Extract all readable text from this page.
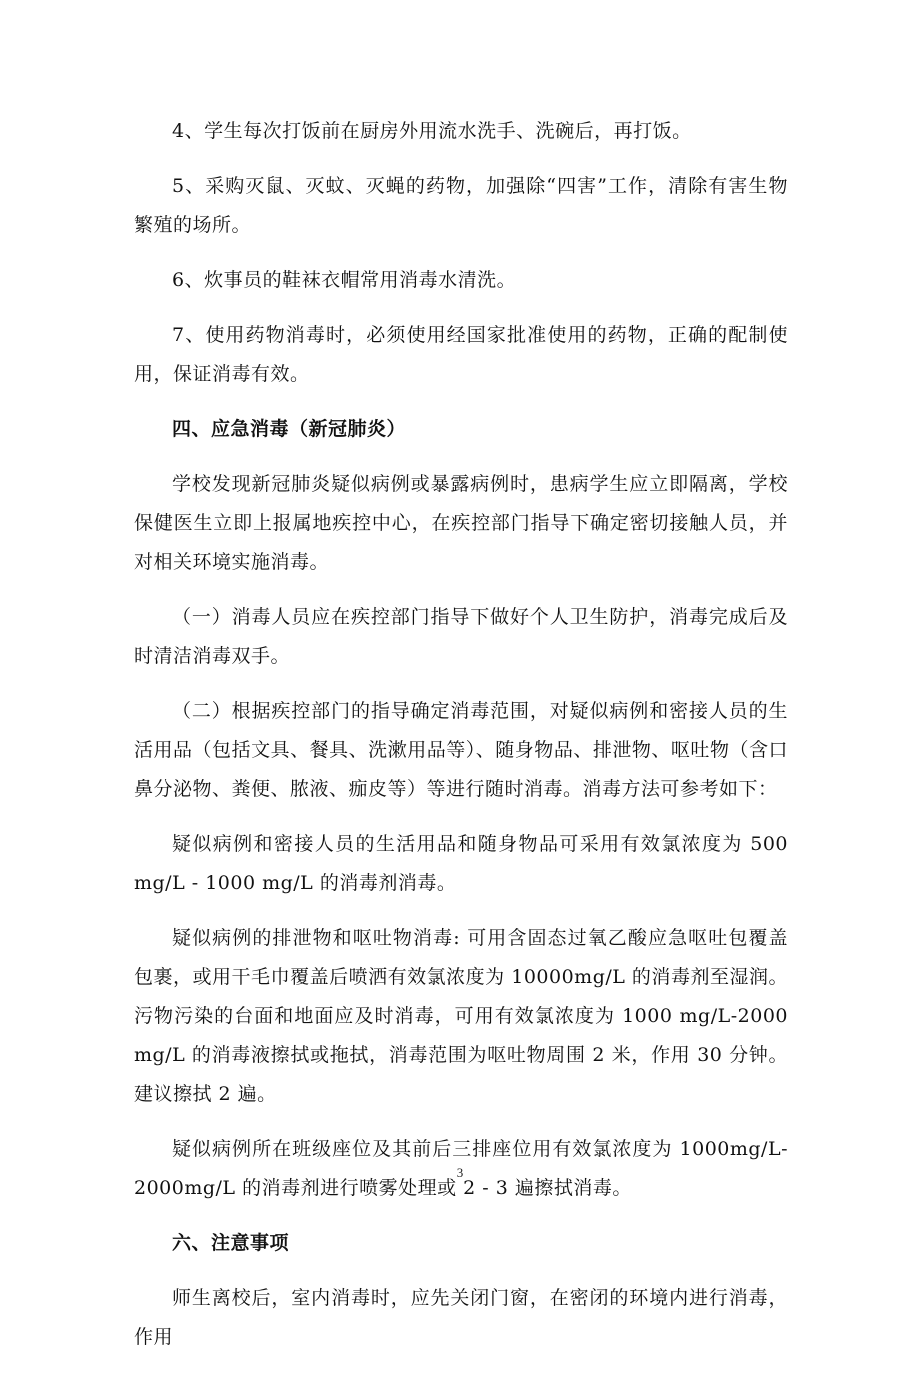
4、学生每次打饭前在厨房外用流水洗手、洗碗后，再打饭。

5、采购灭鼠、灭蚊、灭蝇的药物，加强除“四害”工作，清除有害生物繁殖的场所。

6、炊事员的鞋袜衣帽常用消毒水清洗。

7、使用药物消毒时，必须使用经国家批准使用的药物，正确的配制使用，保证消毒有效。

四、应急消毒（新冠肺炎）

学校发现新冠肺炎疑似病例或暴露病例时，患病学生应立即隔离，学校保健医生立即上报属地疾控中心，在疾控部门指导下确定密切接触人员，并对相关环境实施消毒。

（一）消毒人员应在疾控部门指导下做好个人卫生防护，消毒完成后及时清洁消毒双手。

（二）根据疾控部门的指导确定消毒范围，对疑似病例和密接人员的生活用品（包括文具、餐具、洗漱用品等）、随身物品、排泄物、呕吐物（含口鼻分泌物、粪便、脓液、痂皮等）等进行随时消毒。消毒方法可参考如下：

疑似病例和密接人员的生活用品和随身物品可采用有效氯浓度为 500 mg/L - 1000 mg/L 的消毒剂消毒。

疑似病例的排泄物和呕吐物消毒: 可用含固态过氧乙酸应急呕吐包覆盖包裹，或用干毛巾覆盖后喷洒有效氯浓度为 10000mg/L 的消毒剂至湿润。污物污染的台面和地面应及时消毒，可用有效氯浓度为 1000 mg/L-2000 mg/L 的消毒液擦拭或拖拭，消毒范围为呕吐物周围 2 米，作用 30 分钟。建议擦拭 2 遍。

疑似病例所在班级座位及其前后三排座位用有效氯浓度为 1000mg/L-2000mg/L 的消毒剂进行喷雾处理或 2 - 3 遍擦拭消毒。

六、注意事项

师生离校后，室内消毒时，应先关闭门窗，在密闭的环境内进行消毒，作用

3
